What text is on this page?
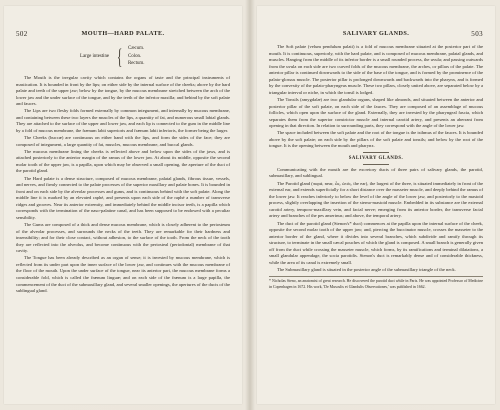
502	MOUTH—HARD PALATE.
Large intestine { Cæcum.
Colon.
Rectum.

The Mouth is the irregular cavity which contains the organs of taste and the principal instruments of mastication. It is bounded in front by the lips; on either side by the internal surface of the cheeks; above by the hard palate and teeth of the upper jaw; below by the tongue, by the mucous membrane stretched between the arch of the lower jaw and the under surface of the tongue, and by the teeth of the inferior maxilla; and behind by the soft palate and fauces.

The Lips are two fleshy folds formed externally by common integument, and internally by mucous membrane, and containing between these two layers the muscles of the lips, a quantity of fat, and numerous small labial glands. They are attached to the surface of the upper and lower jaw, and each lip is connected to the gum in the middle line by a fold of mucous membrane, the frænum labii superioris and frænum labii inferioris, the former being the larger.

The Cheeks (buccæ) are continuous on either hand with the lips, and form the sides of the face; they are composed of integument, a large quantity of fat, muscles, mucous membrane, and buccal glands.

The mucous membrane lining the cheeks is reflected above and below upon the sides of the jaws, and is attached posteriorly to the anterior margin of the ramus of the lower jaw. At about its middle, opposite the second molar tooth of the upper jaw, is a papilla, upon which may be observed a small opening, the aperture of the duct of the parotid gland.

The Hard palate is a dense structure, composed of mucous membrane, palatal glands, fibrous tissue, vessels, and nerves, and firmly connected to the palate processes of the superior maxillary and palate bones. It is bounded in front and on each side by the alveolar processes and gums, and is continuous behind with the soft palate. Along the middle line it is marked by an elevated raphé, and presents upon each side of the raphé a number of transverse ridges and grooves. Near its anterior extremity, and immediately behind the middle incisor teeth, is a papilla which corresponds with the termination of the naso-palatine canal, and has been supposed to be endowed with a peculiar sensibility.

The Gums are composed of a thick and dense mucous membrane, which is closely adherent to the periosteum of the alveolar processes, and surrounds the necks of the teeth. They are remarkable for their hardness and insensibility; and for their close contact, without adhesion, to the surface of the tooth. From the neck of the tooth they are reflected into the alveolus, and become continuous with the periosteal (periodontal) membrane of that cavity.

The Tongue has been already described as an organ of sense; it is invested by mucous membrane, which is reflected from its under part upon the inner surface of the lower jaw, and continues with the mucous membrane of the floor of the mouth. Upon the under surface of the tongue, near its anterior part, the mucous membrane forms a considerable fold, which is called the frænum linguæ; and on each side of the frænum is a large papilla, the commencement of the duct of the submaxillary gland, and several smaller openings, the apertures of the ducts of the sublingual gland.

SALIVARY GLANDS.	503

The Soft palate (velum pendulum palati) is a fold of mucous membrane situated at the posterior part of the mouth. It is continuous, superiorly, with the hard palate, and is composed of mucous membrane, palatal glands, and muscles. Hanging from the middle of its inferior border is a small rounded process, the uvula; and passing outwards from the uvula on each side are two curved folds of the mucous membrane, the arches, or pillars of the palate. The anterior pillar is continued downwards to the side of the base of the tongue, and is formed by the prominence of the palato-glossus muscle. The posterior pillar is prolonged downwards and backwards into the pharynx, and is formed by the convexity of the palato-pharyngeus muscle. These two pillars, closely united above, are separated below by a triangular interval or niche, in which the tonsil is lodged.

The Tonsils (amygdalæ) are two glandular organs, shaped like almonds, and situated between the anterior and posterior pillar of the soft palate, on each side of the fauces. They are composed of an assemblage of mucous follicles, which open upon the surface of the gland. Externally, they are invested by the pharyngeal fascia, which separates them from the superior constrictor muscle and internal carotid artery, and presents an aberrant from opening in that direction. In relation to surrounding parts, they correspond with the angle of the lower jaw.

The space included between the soft palate and the root of the tongue is the isthmus of the fauces. It is bounded above by the soft palate; on each side by the pillars of the soft palate and tonsils; and below by the root of the tongue. It is the opening between the mouth and pharynx.

SALIVARY GLANDS.

Communicating with the mouth are the excretory ducts of three pairs of salivary glands, the parotid, submaxillary, and sublingual.

The Parotid gland (παρά, near, ὦς, ὠτός, the ear), the largest of the three, is situated immediately in front of the external ear, and extends superficially for a short distance over the masseter muscle, and deeply behind the ramus of the lower jaw. It reaches inferiorly to below the level of the angle of the lower jaw, and posteriorly to the mastoid process, slightly overlapping the insertion of the sterno-mastoid muscle. Embedded in its substance are the external carotid artery, temporo-maxillary vein, and facial nerve; emerging from its anterior border, the transverse facial artery and branches of the pes anserinus; and above, the temporal artery.

The duct of the parotid gland (Stenon's* duct) commences at the papilla upon the internal surface of the cheek, opposite the second molar tooth of the upper jaw; and, piercing the buccinator muscle, crosses the masseter to the anterior border of the gland, where it divides into several branches, which subdivide and ramify through its structure, to terminate in the small cæcal pouches of which the gland is composed. A small branch is generally given off from the duct while crossing the masseter muscle, which forms, by its ramifications and terminal dilatations, a small glandular appendage, the socia parotidis. Stenon's duct is remarkably dense and of considerable thickness, while the area of its canal is extremely small.

The Submaxillary gland is situated in the posterior angle of the submaxillary triangle of the neck.

* Nicholas Steno, an anatomist of great research. He discovered the parotid duct while in Paris. He was appointed Professor of Medicine in Copenhagen in 1672. His work, 'De Musculis et Glandulis Observationes,' was published in 1662.
